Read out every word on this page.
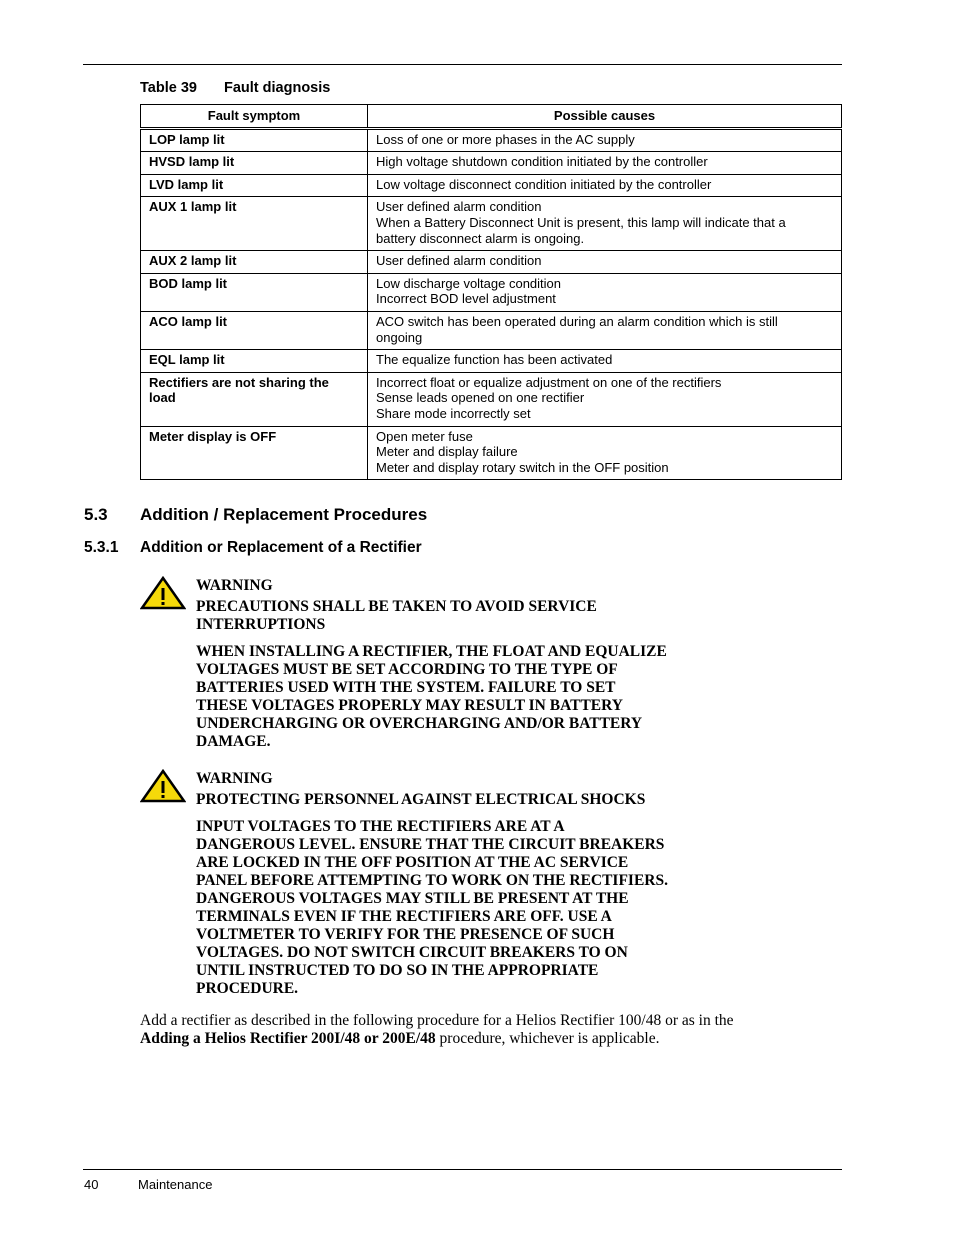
Table 39 Fault diagnosis
Fault symptom	Possible causes

LOP lamp lit	Loss of one or more phases in the AC supply

HVSD lamp lit	High voltage shutdown condition initiated by the controller

LVD lamp lit	Low voltage disconnect condition initiated by the controller

AUX 1 lamp lit	User defined alarm condition
When a Battery Disconnect Unit is present, this lamp will indicate that a
battery disconnect alarm is ongoing.

AUX 2 lamp lit	User defined alarm condition

BOD lamp lit	Low discharge voltage condition
Incorrect BOD level adjustment

ACO lamp lit	ACO switch has been operated during an alarm condition which is still
ongoing

EQL lamp lit	The equalize function has been activated

Rectifiers are not sharing the
load	Incorrect float or equalize adjustment on one of the rectifiers
Sense leads opened on one rectifier
Share mode incorrectly set

Meter display is OFF	Open meter fuse
Meter and display failure
Meter and display rotary switch in the OFF position
5.3 Addition / Replacement Procedures
5.3.1 Addition or Replacement of a Rectifier
WARNING
PRECAUTIONS SHALL BE TAKEN TO AVOID SERVICE
INTERRUPTIONS
WHEN INSTALLING A RECTIFIER, THE FLOAT AND EQUALIZE
VOLTAGES MUST BE SET ACCORDING TO THE TYPE OF
BATTERIES USED WITH THE SYSTEM. FAILURE TO SET
THESE VOLTAGES PROPERLY MAY RESULT IN BATTERY
UNDERCHARGING OR OVERCHARGING AND/OR BATTERY
DAMAGE.
WARNING
PROTECTING PERSONNEL AGAINST ELECTRICAL SHOCKS
INPUT VOLTAGES TO THE RECTIFIERS ARE AT A
DANGEROUS LEVEL. ENSURE THAT THE CIRCUIT BREAKERS
ARE LOCKED IN THE OFF POSITION AT THE AC SERVICE
PANEL BEFORE ATTEMPTING TO WORK ON THE RECTIFIERS.
DANGEROUS VOLTAGES MAY STILL BE PRESENT AT THE
TERMINALS EVEN IF THE RECTIFIERS ARE OFF. USE A
VOLTMETER TO VERIFY FOR THE PRESENCE OF SUCH
VOLTAGES. DO NOT SWITCH CIRCUIT BREAKERS TO ON
UNTIL INSTRUCTED TO DO SO IN THE APPROPRIATE
PROCEDURE.
Add a rectifier as described in the following procedure for a Helios Rectifier 100/48 or as in the
Adding a Helios Rectifier 200I/48 or 200E/48 procedure, whichever is applicable.
40	Maintenance
